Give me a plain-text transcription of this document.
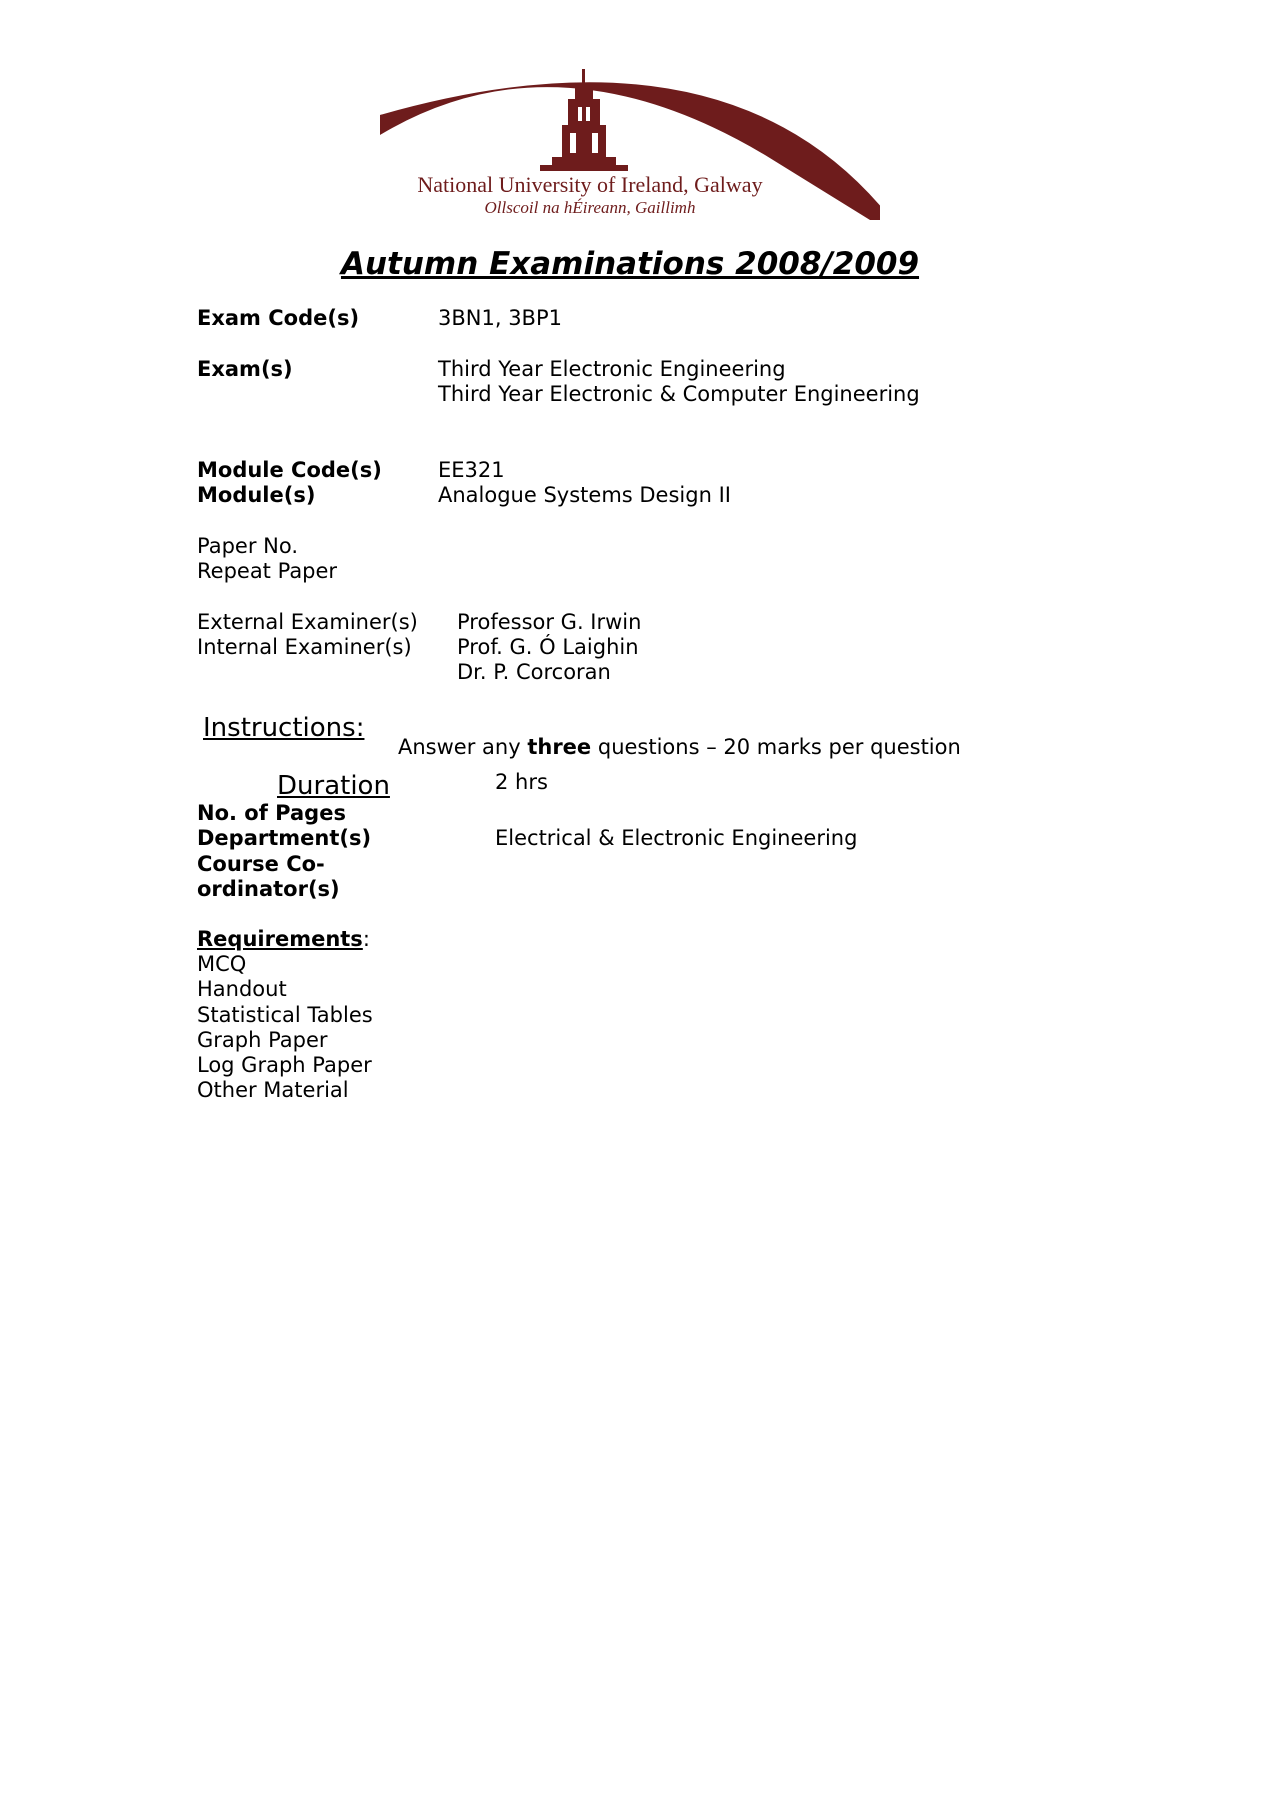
National University of Ireland, Galway
Ollscoil na hÉireann, Gaillimh
Autumn Examinations 2008/2009
Exam Code(s)	3BN1, 3BP1
Exam(s)	Third Year Electronic Engineering
Third Year Electronic & Computer Engineering
Module Code(s)	EE321
Module(s)	Analogue Systems Design II
Paper No.
Repeat Paper
External Examiner(s) Professor G. Irwin
Internal Examiner(s) Prof. G. Ó Laighin
Dr. P. Corcoran
Instructions:
Answer any three questions – 20 marks per question
Duration	2 hrs
No. of Pages
Department(s)	Electrical & Electronic Engineering
Course Co-
ordinator(s)
Requirements:
MCQ
Handout
Statistical Tables
Graph Paper
Log Graph Paper
Other Material
